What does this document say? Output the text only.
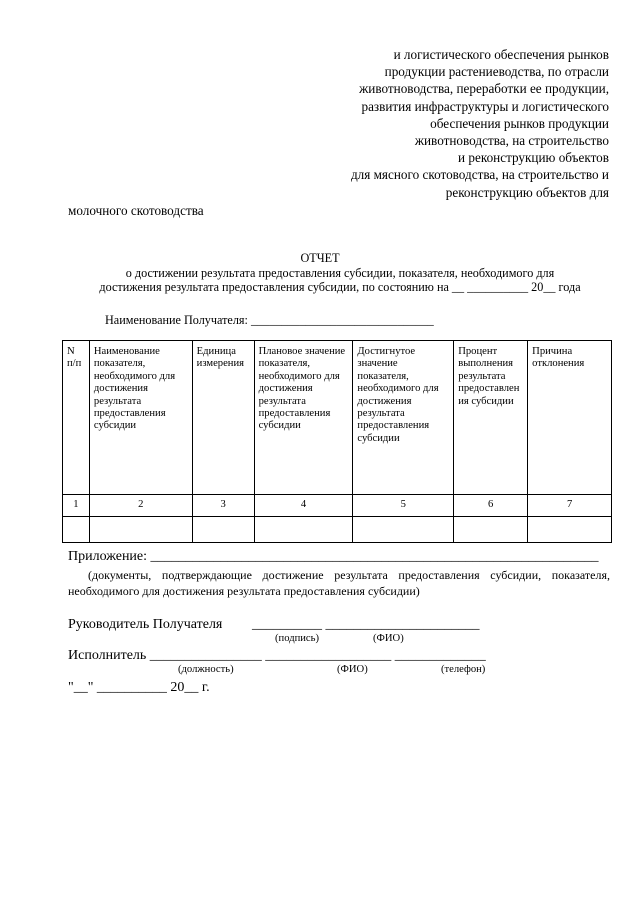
и логистического обеспечения рынков
продукции растениеводства, по отрасли
животноводства, переработки ее продукции,
развития инфраструктуры и логистического
обеспечения рынков продукции
животноводства, на строительство
и реконструкцию объектов
для мясного скотоводства, на строительство и
реконструкцию объектов для
молочного скотоводства
ОТЧЕТ
о достижении результата предоставления субсидии, показателя, необходимого для
достижения результата предоставления субсидии, по состоянию на __ __________ 20__ года
Наименование Получателя: ______________________________
N п/п	Наименование показателя, необходимого для достижения результата предоставления субсидии	Единица измерения	Плановое значение показателя, необходимого для достижения результата предоставления субсидии	Достигнутое значение показателя, необходимого для достижения результата предоставления субсидии	Процент выполнения результата предоставлен ия субсидии	Причина отклонения
1	2	3	4	5	6	7

Приложение: ________________________________________________________________
(документы, подтверждающие достижение результата предоставления субсидии, показателя,
необходимого для достижения результата предоставления субсидии)
Руководитель Получателя __________ ______________________
(подпись)	(ФИО)
Исполнитель ________________ __________________ _____________
(должность)	(ФИО)	(телефон)
"__" __________ 20__ г.
